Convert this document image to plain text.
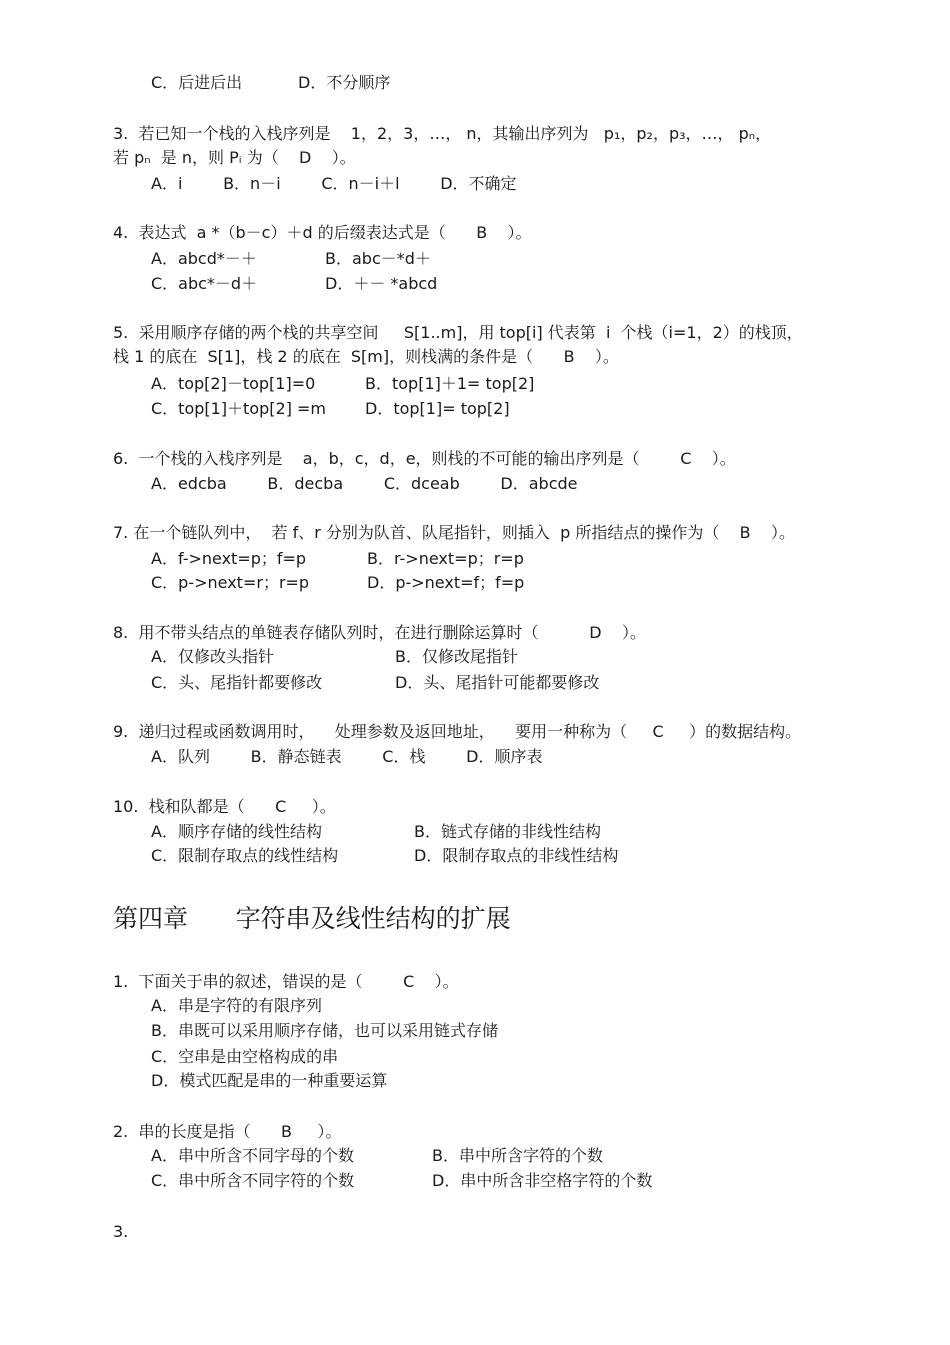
C．后进后出	D．不分顺序
3.  若已知一个栈的入栈序列是    1，2，3，…， n，其输出序列为   p₁，p₂，p₃，…， pₙ，
若 pₙ  是 n，则 Pᵢ 为（    D    ）。
A．i        B．n－i        C．n－i＋l        D．不确定
4.  表达式  a *（b－c）＋d 的后缀表达式是（      B    ）。
A．abcd*－＋	B．abc－*d＋
C．abc*－d＋	D．＋－ *abcd
5.  采用顺序存储的两个栈的共享空间     S[1..m]，用 top[i] 代表第  i  个栈（i=1，2）的栈顶，
栈 1 的底在  S[1]，栈 2 的底在  S[m]，则栈满的条件是（      B    ）。
A．top[2]－top[1]=0	B．top[1]＋1= top[2]
C．top[1]＋top[2] =m D．top[1]= top[2]
6.  一个栈的入栈序列是    a，b，c，d，e，则栈的不可能的输出序列是（        C    ）。
A．edcba        B．decba        C．dceab        D．abcde
7. 在一个链队列中，  若 f、r 分别为队首、队尾指针，则插入  p 所指结点的操作为（    B    ）。
A．f->next=p；f=p	B．r->next=p；r=p
C．p->next=r；r=p	D．p->next=f；f=p
8.  用不带头结点的单链表存储队列时，在进行删除运算时（          D    ）。
A．仅修改头指针	B．仅修改尾指针
C．头、尾指针都要修改	D．头、尾指针可能都要修改
9.  递归过程或函数调用时，    处理参数及返回地址，    要用一种称为（     C     ）的数据结构。
A．队列        B．静态链表        C．栈        D．顺序表
10.  栈和队都是（      C     ）。
A．顺序存储的线性结构	B．链式存储的非线性结构
C．限制存取点的线性结构	D．限制存取点的非线性结构
第四章      字符串及线性结构的扩展
1.  下面关于串的叙述，错误的是（        C    ）。
A．串是字符的有限序列
B．串既可以采用顺序存储，也可以采用链式存储
C．空串是由空格构成的串
D．模式匹配是串的一种重要运算
2.  串的长度是指（      B     ）。
A．串中所含不同字母的个数	B．串中所含字符的个数
C．串中所含不同字符的个数	D．串中所含非空格字符的个数
3.
